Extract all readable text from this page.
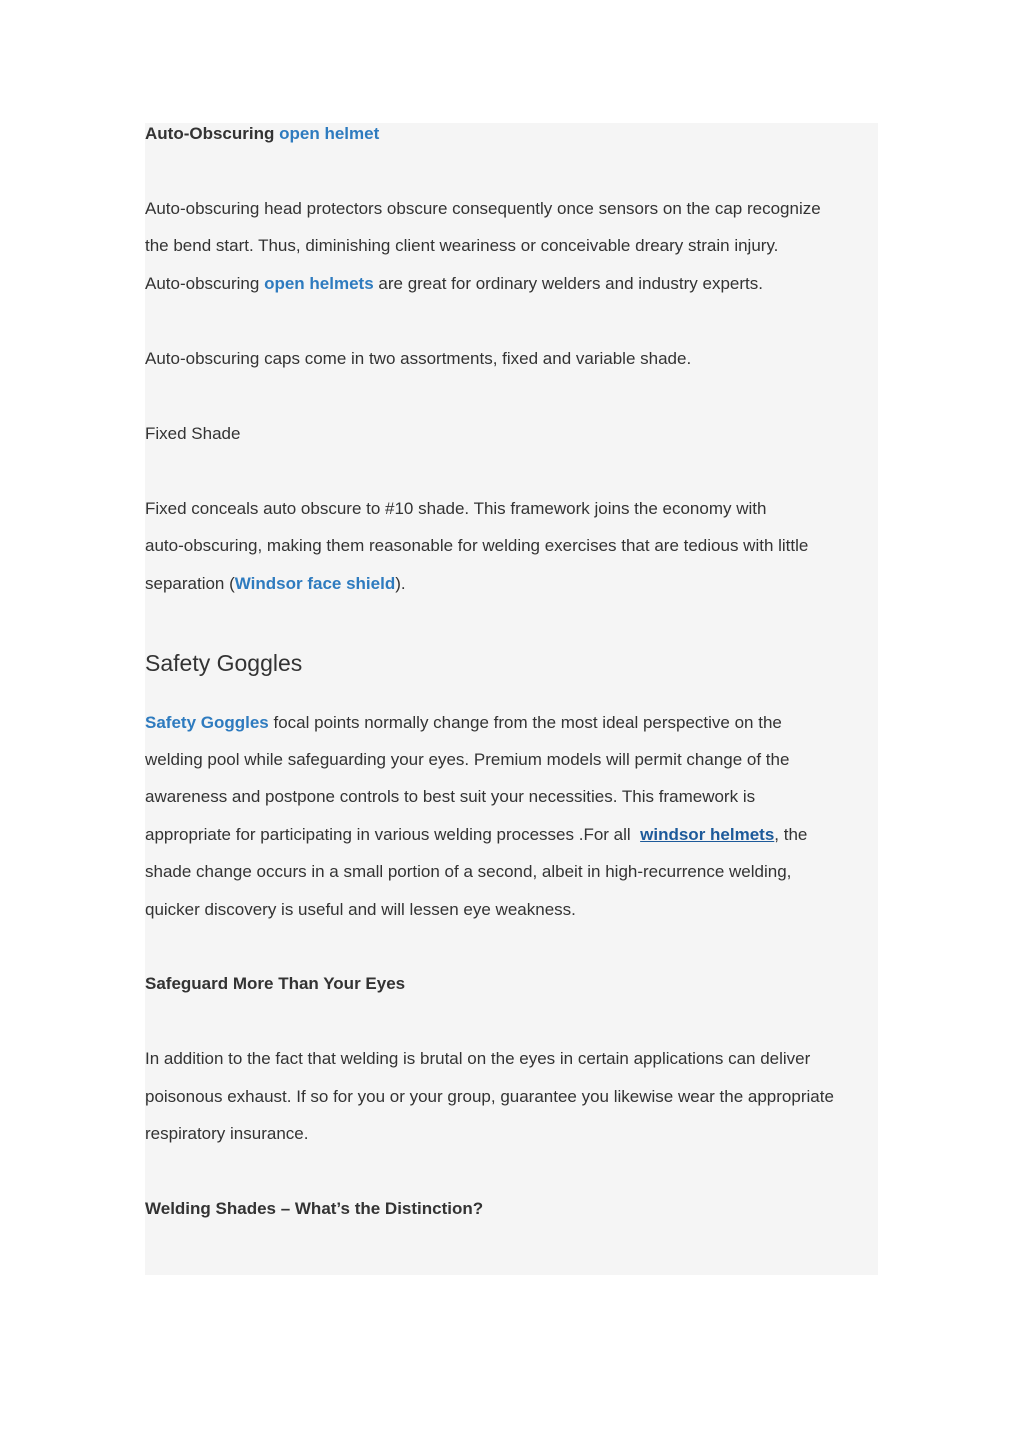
Auto-Obscuring open helmet
Auto-obscuring head protectors obscure consequently once sensors on the cap recognize
the bend start. Thus, diminishing client weariness or conceivable dreary strain injury.
Auto-obscuring open helmets are great for ordinary welders and industry experts.
Auto-obscuring caps come in two assortments, fixed and variable shade.
Fixed Shade
Fixed conceals auto obscure to #10 shade. This framework joins the economy with
auto-obscuring, making them reasonable for welding exercises that are tedious with little
separation (Windsor face shield).
Safety Goggles
Safety Goggles focal points normally change from the most ideal perspective on the
welding pool while safeguarding your eyes. Premium models will permit change of the
awareness and postpone controls to best suit your necessities. This framework is
appropriate for participating in various welding processes .For all  windsor helmets, the
shade change occurs in a small portion of a second, albeit in high-recurrence welding,
quicker discovery is useful and will lessen eye weakness.
Safeguard More Than Your Eyes
In addition to the fact that welding is brutal on the eyes in certain applications can deliver
poisonous exhaust. If so for you or your group, guarantee you likewise wear the appropriate
respiratory insurance.
Welding Shades – What’s the Distinction?
